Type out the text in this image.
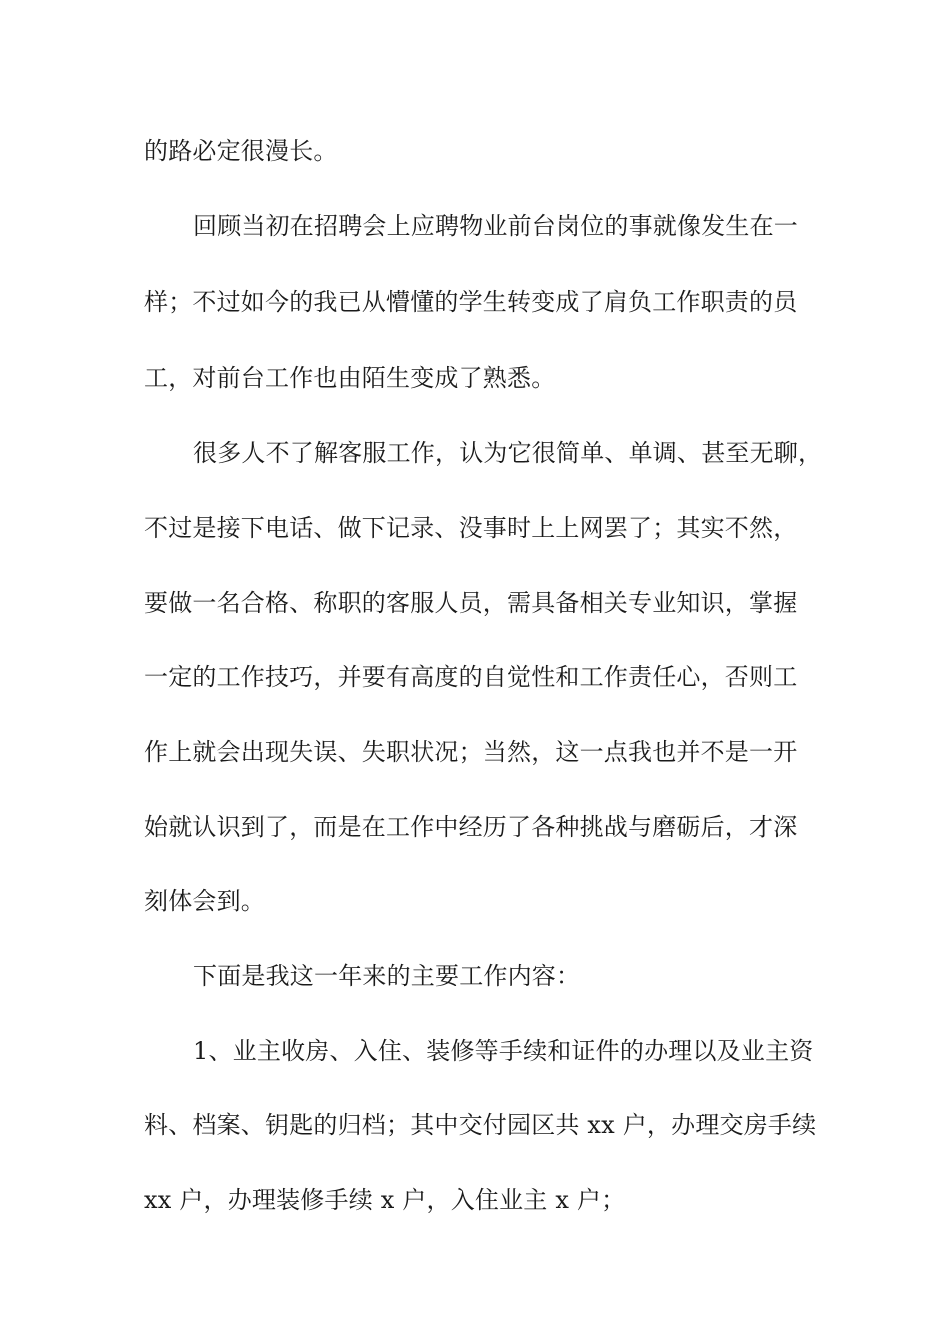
的路必定很漫长。
回顾当初在招聘会上应聘物业前台岗位的事就像发生在一
样；不过如今的我已从懵懂的学生转变成了肩负工作职责的员
工，对前台工作也由陌生变成了熟悉。
很多人不了解客服工作，认为它很简单、单调、甚至无聊，
不过是接下电话、做下记录、没事时上上网罢了；其实不然，
要做一名合格、称职的客服人员，需具备相关专业知识，掌握
一定的工作技巧，并要有高度的自觉性和工作责任心，否则工
作上就会出现失误、失职状况；当然，这一点我也并不是一开
始就认识到了，而是在工作中经历了各种挑战与磨砺后，才深
刻体会到。
下面是我这一年来的主要工作内容：
1、业主收房、入住、装修等手续和证件的办理以及业主资
料、档案、钥匙的归档；其中交付园区共 xx 户，办理交房手续
xx 户，办理装修手续 x 户，入住业主 x 户；
